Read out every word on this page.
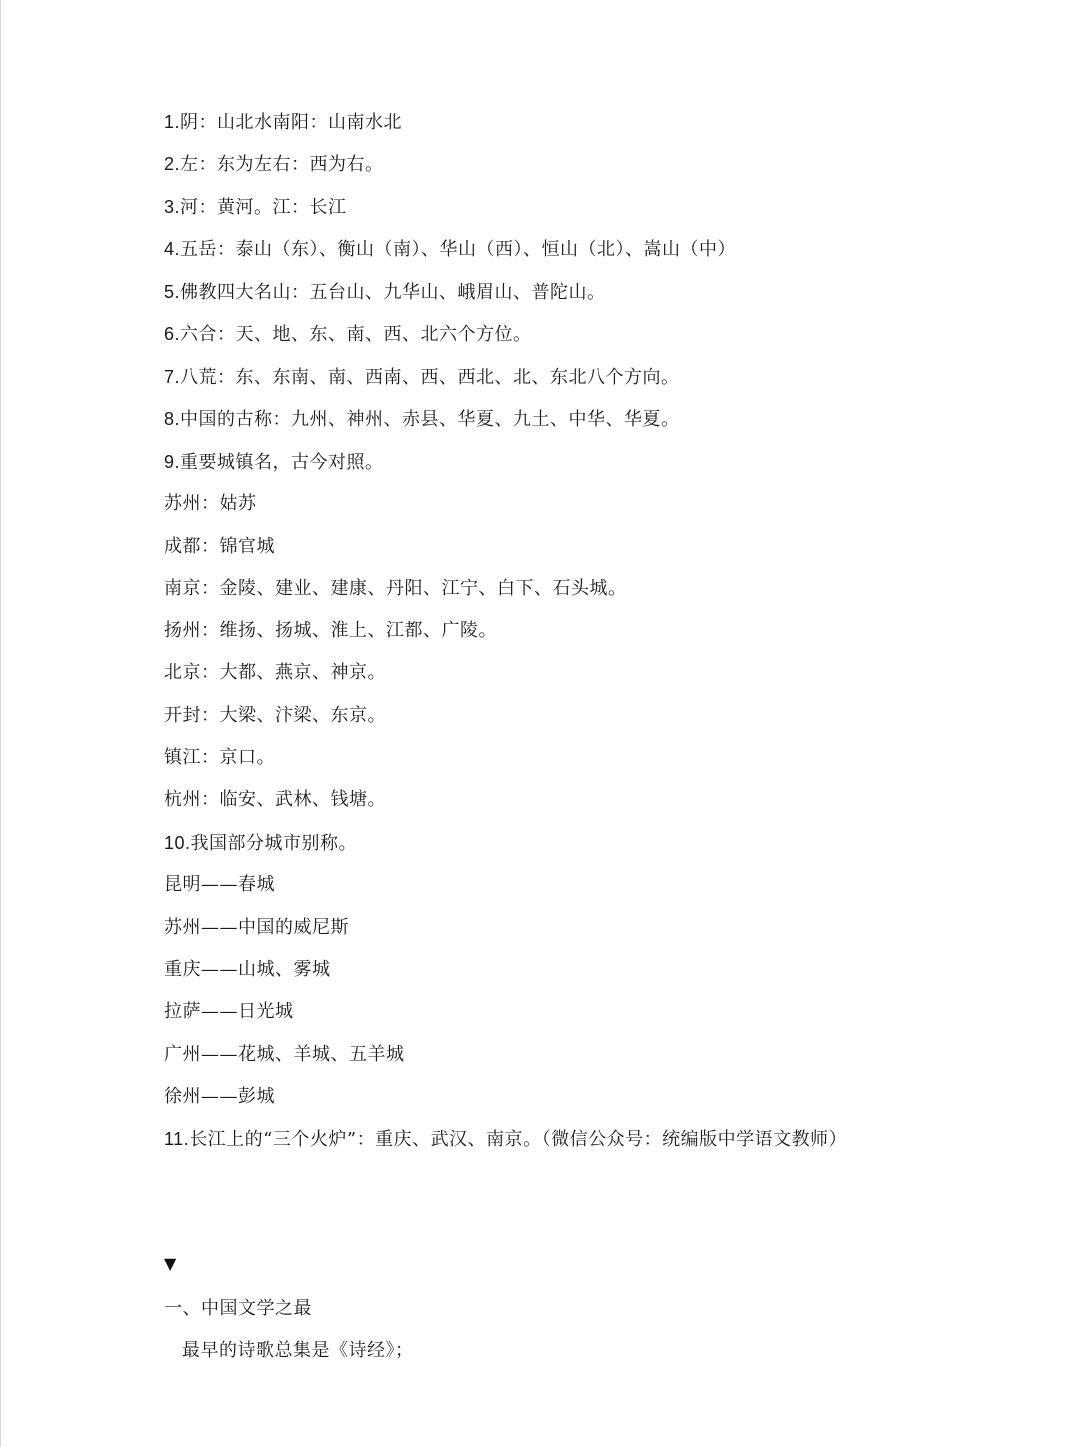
1.阴：山北水南阳：山南水北
2.左：东为左右：西为右。
3.河：黄河。江：长江
4.五岳：泰山（东）、衡山（南）、华山（西）、恒山（北）、嵩山（中）
5.佛教四大名山：五台山、九华山、峨眉山、普陀山。
6.六合：天、地、东、南、西、北六个方位。
7.八荒：东、东南、南、西南、西、西北、北、东北八个方向。
8.中国的古称：九州、神州、赤县、华夏、九土、中华、华夏。
9.重要城镇名，古今对照。
苏州：姑苏
成都：锦官城
南京：金陵、建业、建康、丹阳、江宁、白下、石头城。
扬州：维扬、扬城、淮上、江都、广陵。
北京：大都、燕京、神京。
开封：大梁、汴梁、东京。
镇江：京口。
杭州：临安、武林、钱塘。
10.我国部分城市别称。
昆明——春城
苏州——中国的威尼斯
重庆——山城、雾城
拉萨——日光城
广州——花城、羊城、五羊城
徐州——彭城
11.长江上的“三个火炉”：重庆、武汉、南京。（微信公众号：统编版中学语文教师）
▼
一、中国文学之最
最早的诗歌总集是《诗经》；
